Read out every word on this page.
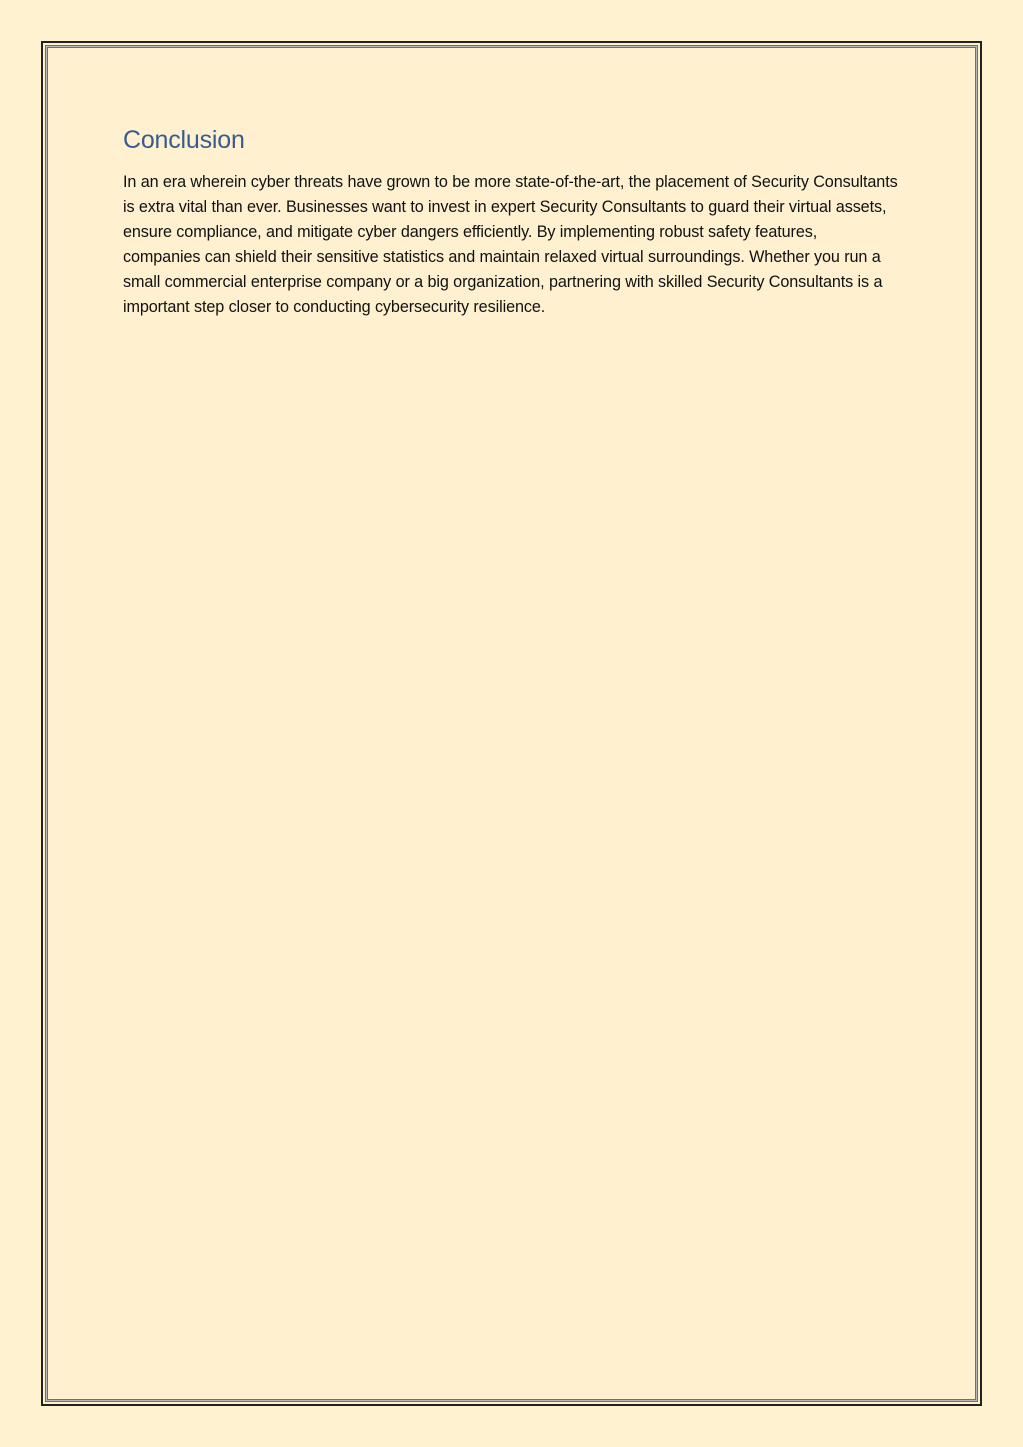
Conclusion

In an era wherein cyber threats have grown to be more state-of-the-art, the placement of Security Consultants is extra vital than ever. Businesses want to invest in expert Security Consultants to guard their virtual assets, ensure compliance, and mitigate cyber dangers efficiently. By implementing robust safety features, companies can shield their sensitive statistics and maintain relaxed virtual surroundings. Whether you run a small commercial enterprise company or a big organization, partnering with skilled Security Consultants is a important step closer to conducting cybersecurity resilience.
